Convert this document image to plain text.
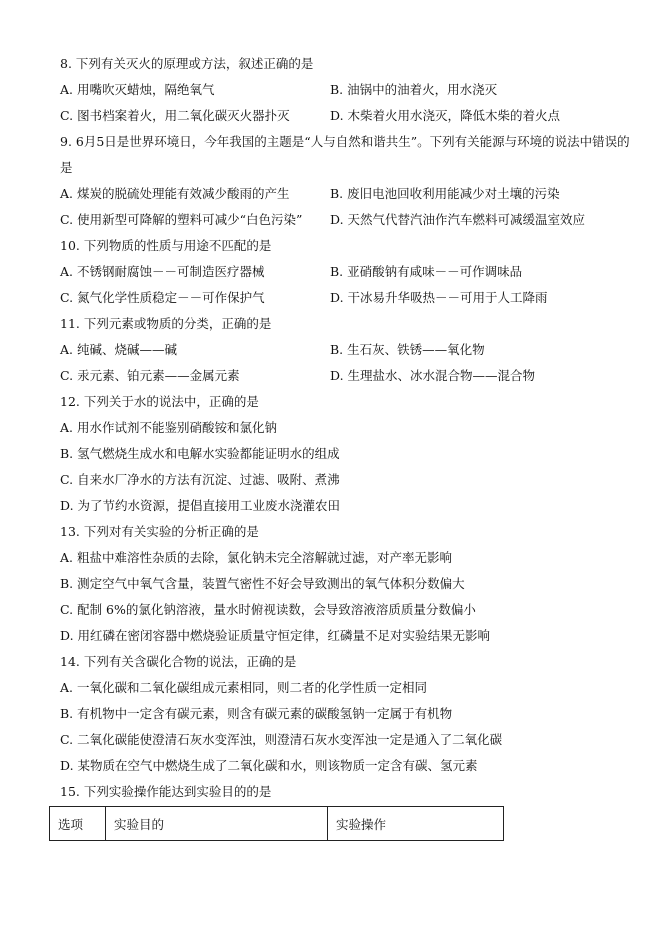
8. 下列有关灭火的原理或方法，叙述正确的是
A. 用嘴吹灭蜡烛，隔绝氧气	B. 油锅中的油着火，用水浇灭
C. 图书档案着火，用二氧化碳灭火器扑灭	D. 木柴着火用水浇灭，降低木柴的着火点
9. 6月5日是世界环境日，今年我国的主题是“人与自然和谐共生”。下列有关能源与环境的说法中错误的
是
A. 煤炭的脱硫处理能有效减少酸雨的产生	B. 废旧电池回收利用能减少对土壤的污染
C. 使用新型可降解的塑料可减少“白色污染” D. 天然气代替汽油作汽车燃料可减缓温室效应
10. 下列物质的性质与用途不匹配的是
A. 不锈钢耐腐蚀－－可制造医疗器械	B. 亚硝酸钠有咸味－－可作调味品
C. 氮气化学性质稳定－－可作保护气	D. 干冰易升华吸热－－可用于人工降雨
11. 下列元素或物质的分类，正确的是
A. 纯碱、烧碱——碱	B. 生石灰、铁锈——氧化物
C. 汞元素、铂元素——金属元素	D. 生理盐水、冰水混合物——混合物
12. 下列关于水的说法中，正确的是
A. 用水作试剂不能鉴别硝酸铵和氯化钠
B. 氢气燃烧生成水和电解水实验都能证明水的组成
C. 自来水厂净水的方法有沉淀、过滤、吸附、煮沸
D. 为了节约水资源，提倡直接用工业废水浇灌农田
13. 下列对有关实验的分析正确的是
A. 粗盐中难溶性杂质的去除，氯化钠未完全溶解就过滤，对产率无影响
B. 测定空气中氧气含量，装置气密性不好会导致测出的氧气体积分数偏大
C. 配制 6%的氯化钠溶液，量水时俯视读数，会导致溶液溶质质量分数偏小
D. 用红磷在密闭容器中燃烧验证质量守恒定律，红磷量不足对实验结果无影响
14. 下列有关含碳化合物的说法，正确的是
A. 一氧化碳和二氧化碳组成元素相同，则二者的化学性质一定相同
B. 有机物中一定含有碳元素，则含有碳元素的碳酸氢钠一定属于有机物
C. 二氧化碳能使澄清石灰水变浑浊，则澄清石灰水变浑浊一定是通入了二氧化碳
D. 某物质在空气中燃烧生成了二氧化碳和水，则该物质一定含有碳、氢元素
15. 下列实验操作能达到实验目的的是
选项	实验目的	实验操作
